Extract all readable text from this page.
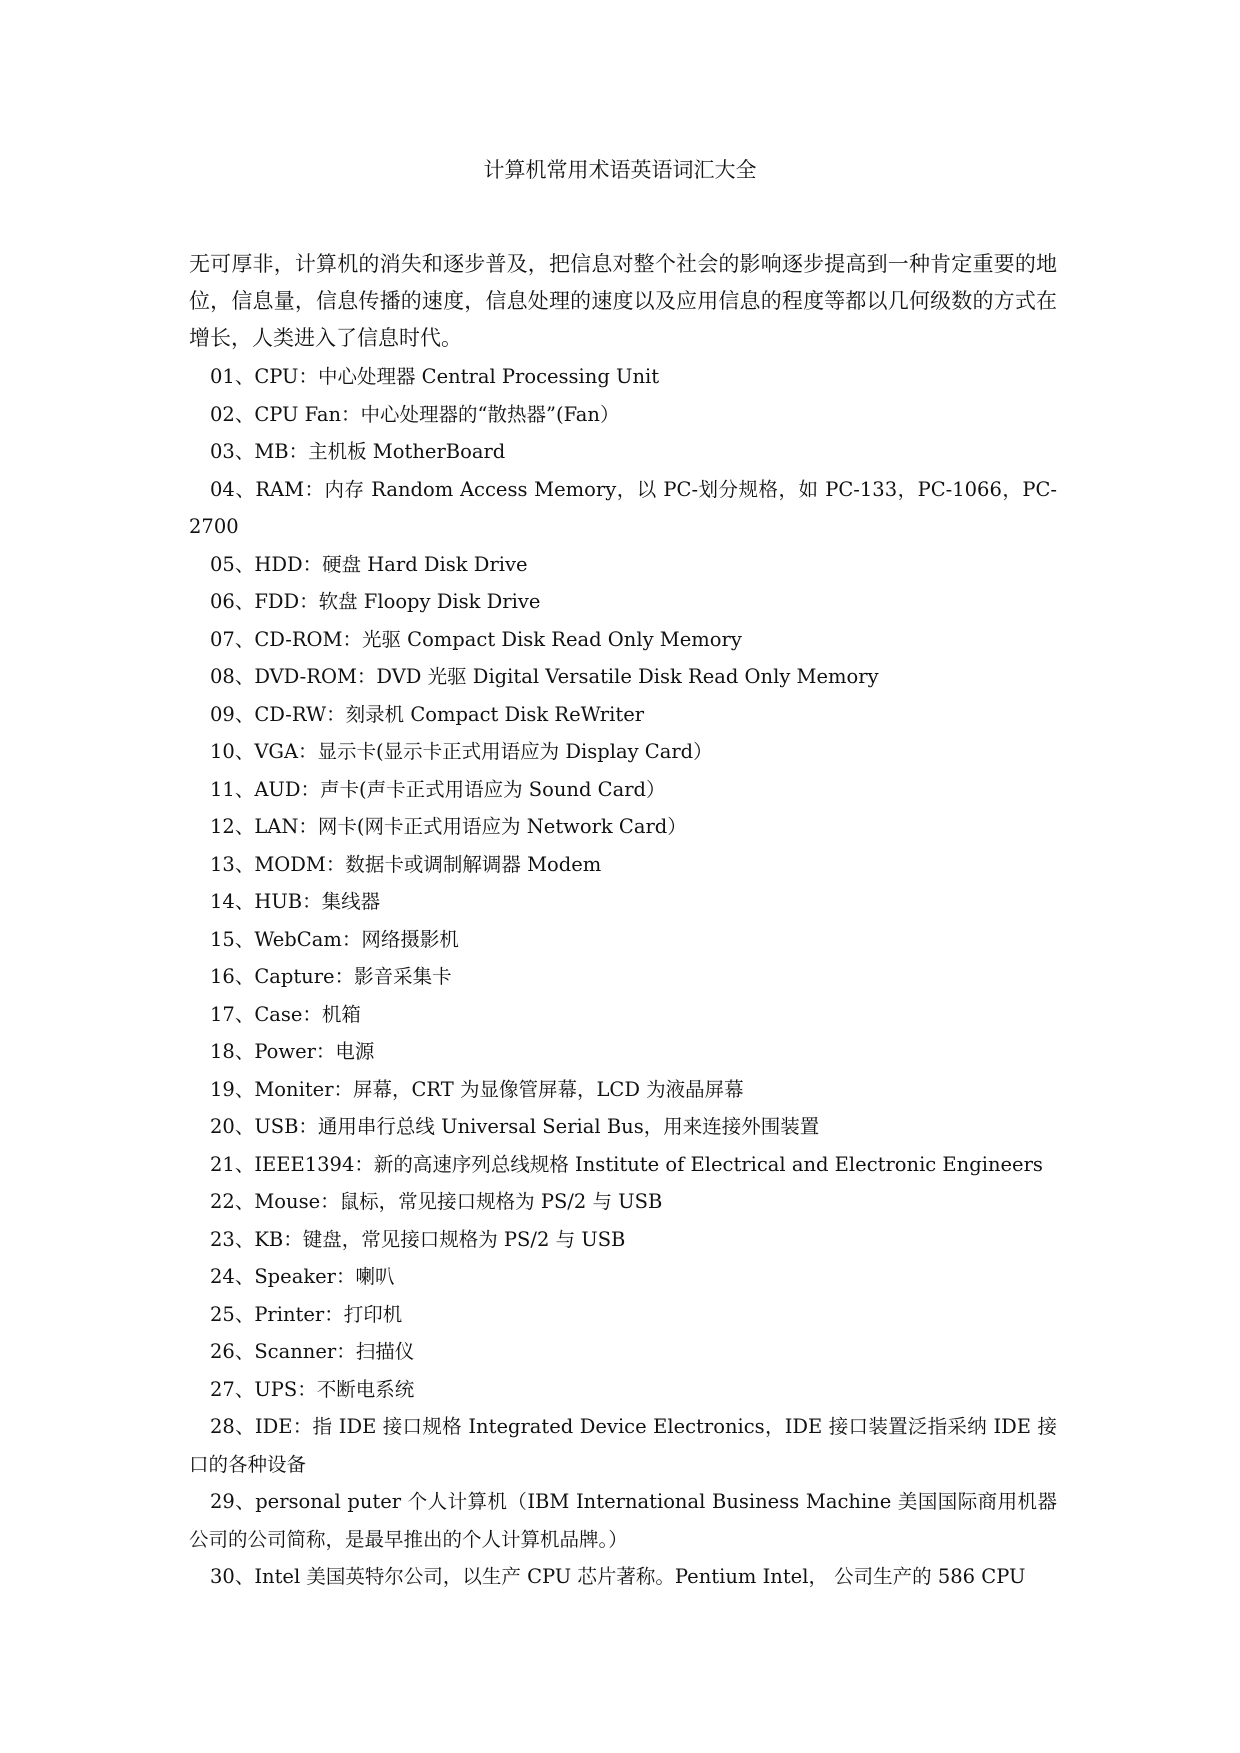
计算机常用术语英语词汇大全
无可厚非，计算机的消失和逐步普及，把信息对整个社会的影响逐步提高到一种肯定重要的地位，信息量，信息传播的速度，信息处理的速度以及应用信息的程度等都以几何级数的方式在增长，人类进入了信息时代。
01、CPU：中心处理器 Central Processing Unit
02、CPU Fan：中心处理器的“散热器”(Fan）
03、MB：主机板 MotherBoard
04、RAM：内存 Random Access Memory，以 PC-划分规格，如 PC-133，PC-1066，PC-2700
05、HDD：硬盘 Hard Disk Drive
06、FDD：软盘 Floopy Disk Drive
07、CD-ROM：光驱 Compact Disk Read Only Memory
08、DVD-ROM：DVD 光驱 Digital Versatile Disk Read Only Memory
09、CD-RW：刻录机 Compact Disk ReWriter
10、VGA：显示卡(显示卡正式用语应为 Display Card）
11、AUD：声卡(声卡正式用语应为 Sound Card）
12、LAN：网卡(网卡正式用语应为 Network Card）
13、MODM：数据卡或调制解调器 Modem
14、HUB：集线器
15、WebCam：网络摄影机
16、Capture：影音采集卡
17、Case：机箱
18、Power：电源
19、Moniter：屏幕，CRT 为显像管屏幕，LCD 为液晶屏幕
20、USB：通用串行总线 Universal Serial Bus，用来连接外围装置
21、IEEE1394：新的高速序列总线规格 Institute of Electrical and Electronic Engineers
22、Mouse：鼠标，常见接口规格为 PS/2 与 USB
23、KB：键盘，常见接口规格为 PS/2 与 USB
24、Speaker：喇叭
25、Printer：打印机
26、Scanner：扫描仪
27、UPS：不断电系统
28、IDE：指 IDE 接口规格 Integrated Device Electronics，IDE 接口装置泛指采纳 IDE 接口的各种设备
29、personal puter 个人计算机（IBM International Business Machine 美国国际商用机器公司的公司简称，是最早推出的个人计算机品牌。）
30、Intel 美国英特尔公司，以生产 CPU 芯片著称。Pentium Intel， 公司生产的 586 CPU
